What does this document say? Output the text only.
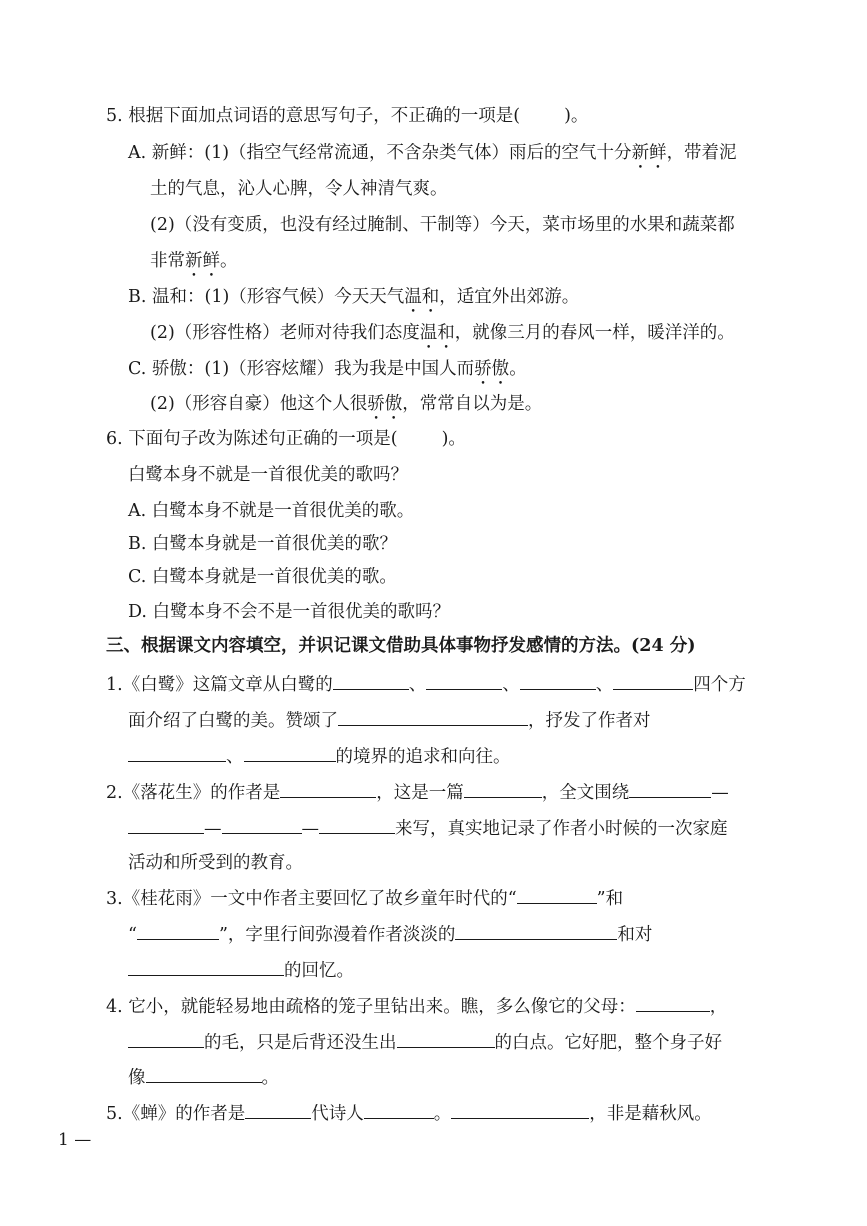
5. 根据下面加点词语的意思写句子，不正确的一项是(	)。
A. 新鲜：(1)（指空气经常流通，不含杂类气体）雨后的空气十分新鲜，带着泥
土的气息，沁人心脾，令人神清气爽。
(2)（没有变质，也没有经过腌制、干制等）今天，菜市场里的水果和蔬菜都
非常新鲜。
B. 温和：(1)（形容气候）今天天气温和，适宜外出郊游。
(2)（形容性格）老师对待我们态度温和，就像三月的春风一样，暖洋洋的。
C. 骄傲：(1)（形容炫耀）我为我是中国人而骄傲。
(2)（形容自豪）他这个人很骄傲，常常自以为是。
6. 下面句子改为陈述句正确的一项是(	)。
白鹭本身不就是一首很优美的歌吗？
A. 白鹭本身不就是一首很优美的歌。
B. 白鹭本身就是一首很优美的歌？
C. 白鹭本身就是一首很优美的歌。
D. 白鹭本身不会不是一首很优美的歌吗？
三、根据课文内容填空，并识记课文借助具体事物抒发感情的方法。(24 分)
1.《白鹭》这篇文章从白鹭的	、	、	、	四个方
面介绍了白鹭的美。赞颂了	，抒发了作者对
、	的境界的追求和向往。
2.《落花生》的作者是	，这是一篇	，全文围绕	—
—	—	来写，真实地记录了作者小时候的一次家庭
活动和所受到的教育。
3.《桂花雨》一文中作者主要回忆了故乡童年时代的“	”和
“	”，字里行间弥漫着作者淡淡的	和对
的回忆。
4. 它小，就能轻易地由疏格的笼子里钻出来。瞧，多么像它的父母：	，
的毛，只是后背还没生出	的白点。它好肥，整个身子好
像	。
5.《蝉》的作者是	代诗人	。	，非是藉秋风。
1 —
